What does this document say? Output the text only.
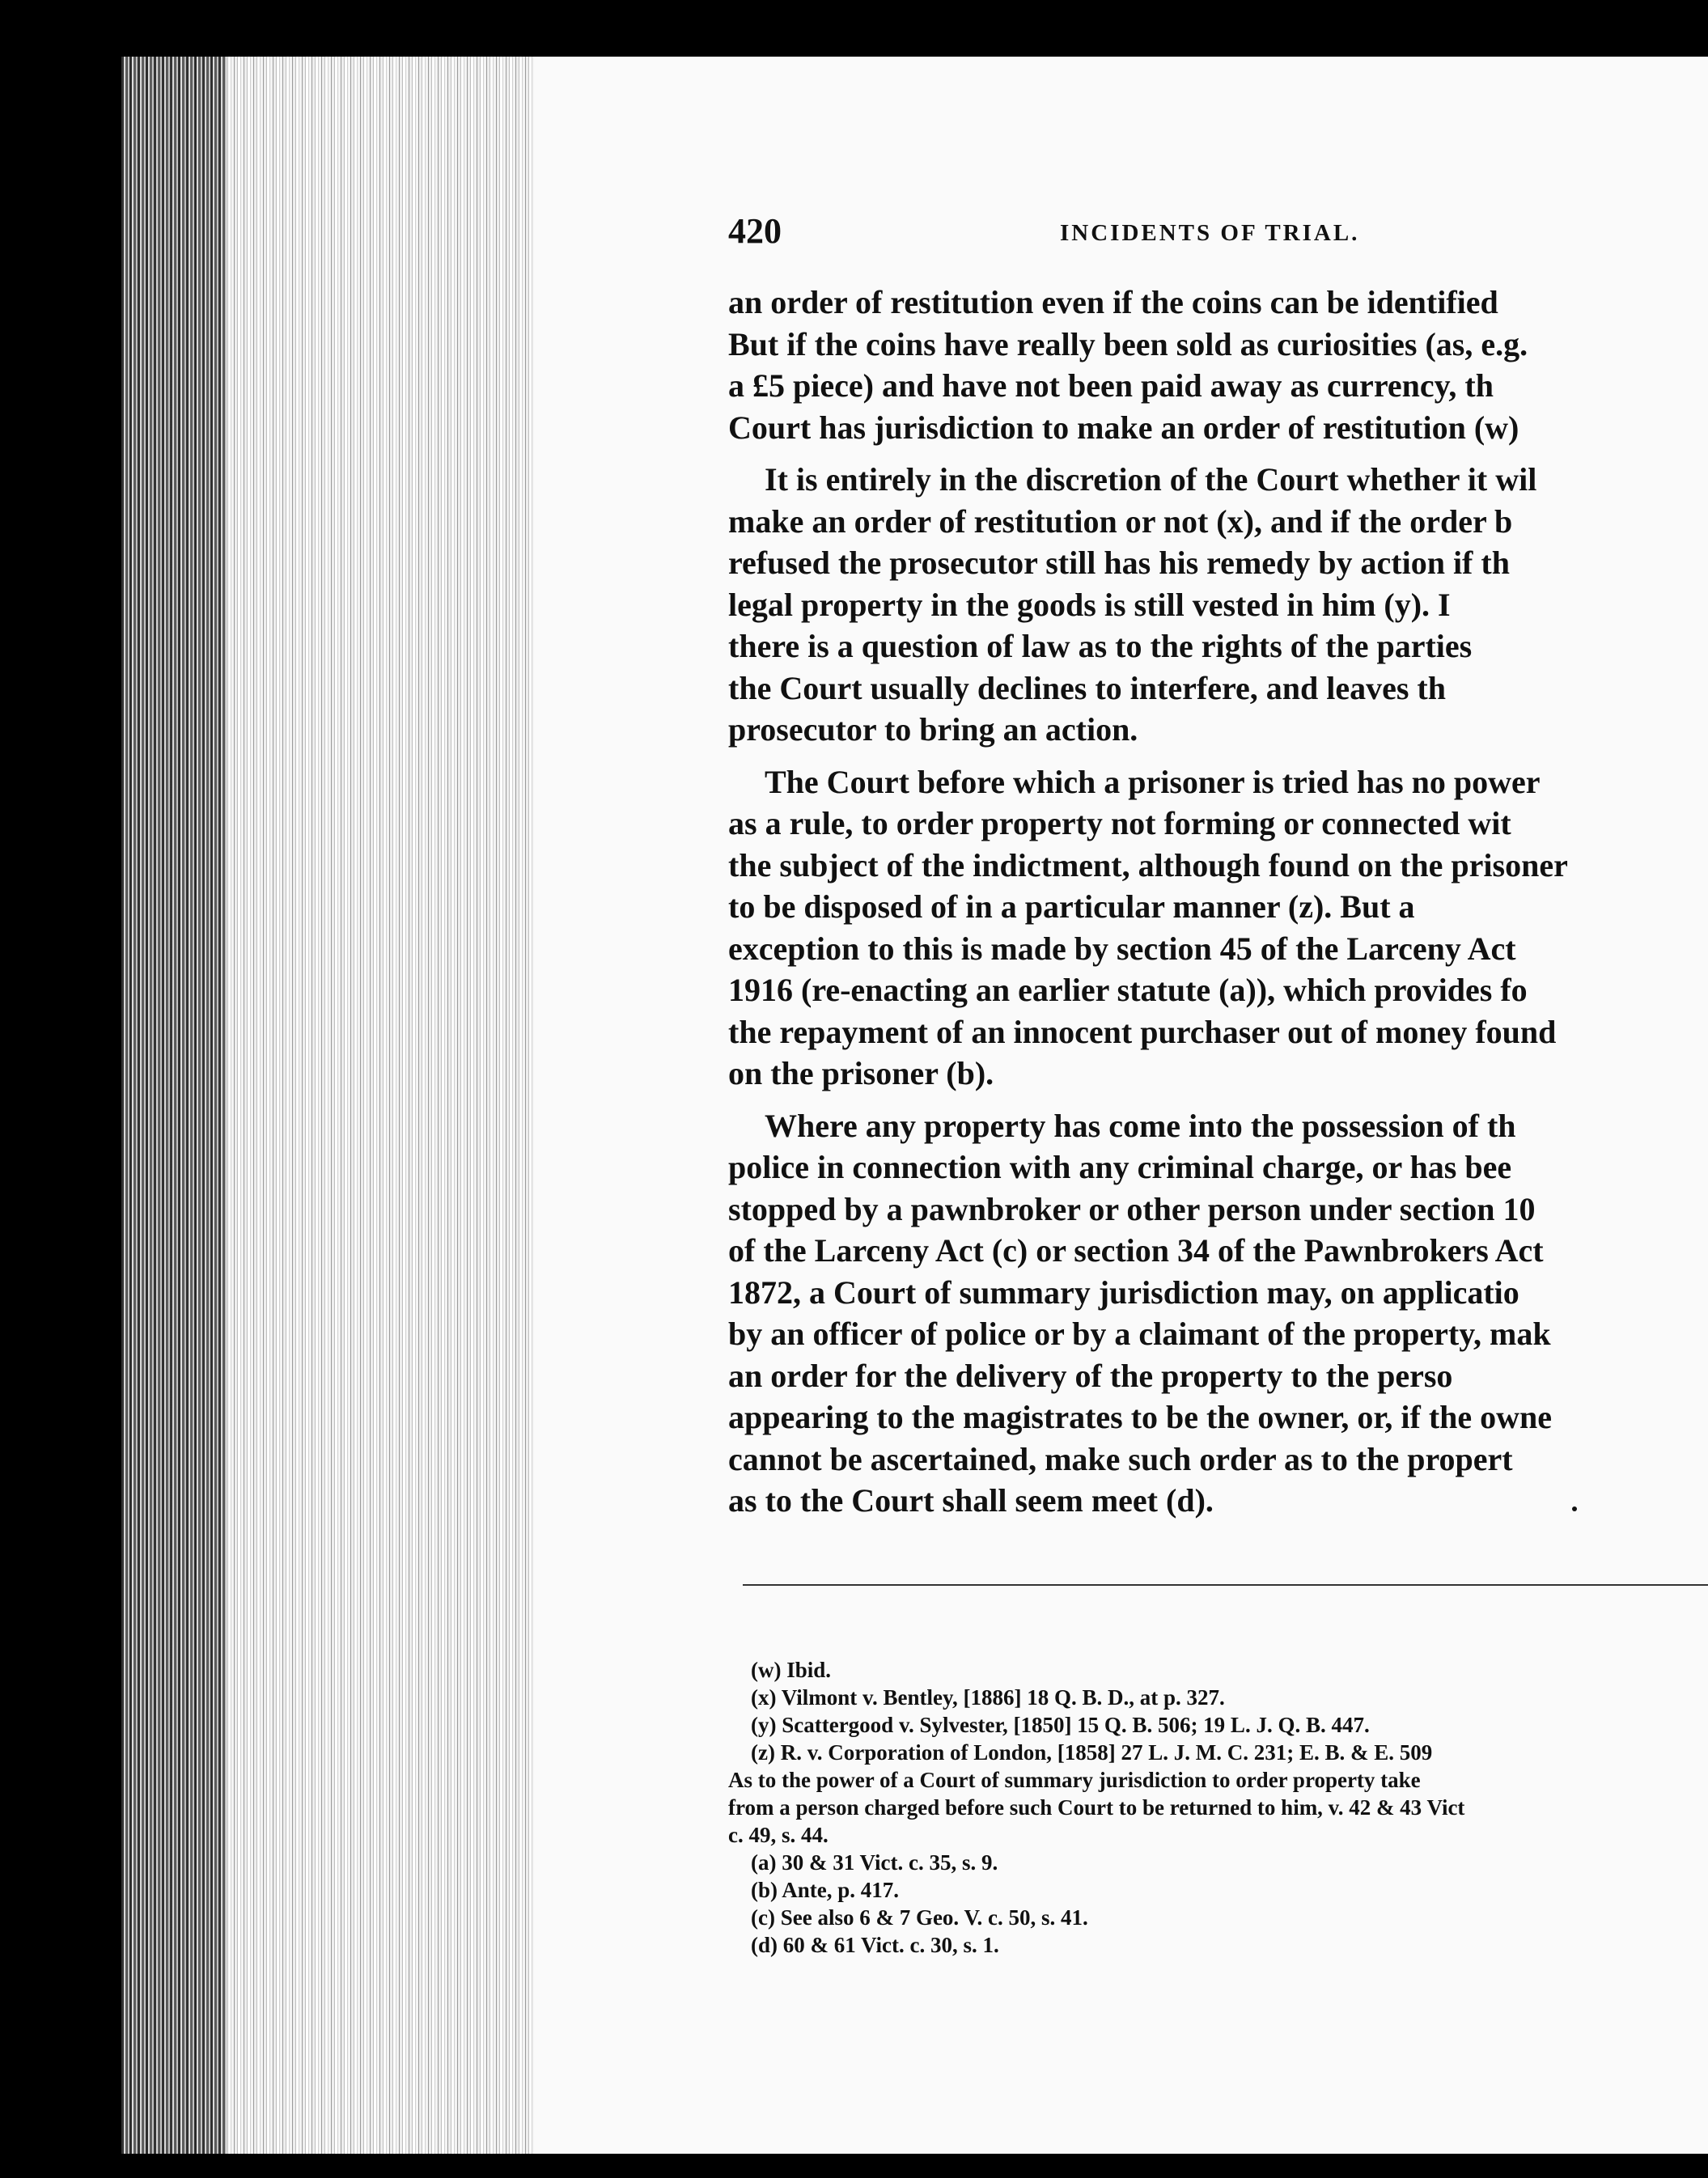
420	INCIDENTS OF TRIAL.

an order of restitution even if the coins can be identified
But if the coins have really been sold as curiosities (as, e.g.
a £5 piece) and have not been paid away as currency, th
Court has jurisdiction to make an order of restitution (w)

It is entirely in the discretion of the Court whether it wil
make an order of restitution or not (x), and if the order b
refused the prosecutor still has his remedy by action if th
legal property in the goods is still vested in him (y). I
there is a question of law as to the rights of the parties
the Court usually declines to interfere, and leaves th
prosecutor to bring an action.

The Court before which a prisoner is tried has no power
as a rule, to order property not forming or connected wit
the subject of the indictment, although found on the prisoner
to be disposed of in a particular manner (z). But a
exception to this is made by section 45 of the Larceny Act
1916 (re-enacting an earlier statute (a)), which provides fo
the repayment of an innocent purchaser out of money found
on the prisoner (b).

Where any property has come into the possession of th
police in connection with any criminal charge, or has bee
stopped by a pawnbroker or other person under section 10
of the Larceny Act (c) or section 34 of the Pawnbrokers Act
1872, a Court of summary jurisdiction may, on applicatio
by an officer of police or by a claimant of the property, mak
an order for the delivery of the property to the perso
appearing to the magistrates to be the owner, or, if the owne
cannot be ascertained, make such order as to the propert
as to the Court shall seem meet (d).

(w) Ibid.
(x) Vilmont v. Bentley, [1886] 18 Q. B. D., at p. 327.
(y) Scattergood v. Sylvester, [1850] 15 Q. B. 506; 19 L. J. Q. B. 447.
(z) R. v. Corporation of London, [1858] 27 L. J. M. C. 231; E. B. & E. 509
As to the power of a Court of summary jurisdiction to order property take
from a person charged before such Court to be returned to him, v. 42 & 43 Vict
c. 49, s. 44.
(a) 30 & 31 Vict. c. 35, s. 9.
(b) Ante, p. 417.
(c) See also 6 & 7 Geo. V. c. 50, s. 41.
(d) 60 & 61 Vict. c. 30, s. 1.
